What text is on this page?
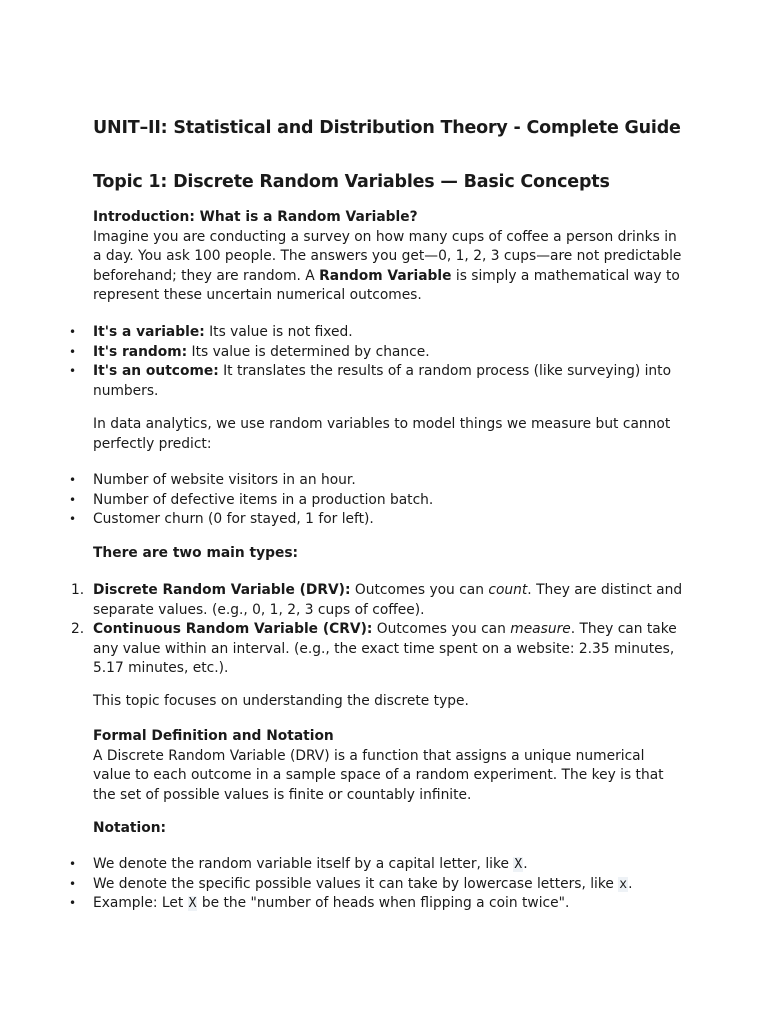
UNIT–II: Statistical and Distribution Theory - Complete Guide
Topic 1: Discrete Random Variables — Basic Concepts
Introduction: What is a Random Variable?

Imagine you are conducting a survey on how many cups of coffee a person drinks in a day. You ask 100 people. The answers you get—0, 1, 2, 3 cups—are not predictable beforehand; they are random. A Random Variable is simply a mathematical way to represent these uncertain numerical outcomes.

• It's a variable: Its value is not fixed.
• It's random: Its value is determined by chance.
• It's an outcome: It translates the results of a random process (like surveying) into numbers.

In data analytics, we use random variables to model things we measure but cannot perfectly predict:

• Number of website visitors in an hour.
• Number of defective items in a production batch.
• Customer churn (0 for stayed, 1 for left).
There are two main types:
1. Discrete Random Variable (DRV): Outcomes you can count. They are distinct and separate values. (e.g., 0, 1, 2, 3 cups of coffee).
2. Continuous Random Variable (CRV): Outcomes you can measure. They can take any value within an interval. (e.g., the exact time spent on a website: 2.35 minutes, 5.17 minutes, etc.).

This topic focuses on understanding the discrete type.

Formal Definition and Notation

A Discrete Random Variable (DRV) is a function that assigns a unique numerical value to each outcome in a sample space of a random experiment. The key is that the set of possible values is finite or countably infinite.

Notation:
• We denote the random variable itself by a capital letter, like X.
• We denote the specific possible values it can take by lowercase letters, like x.
• Example: Let X be the "number of heads when flipping a coin twice".
